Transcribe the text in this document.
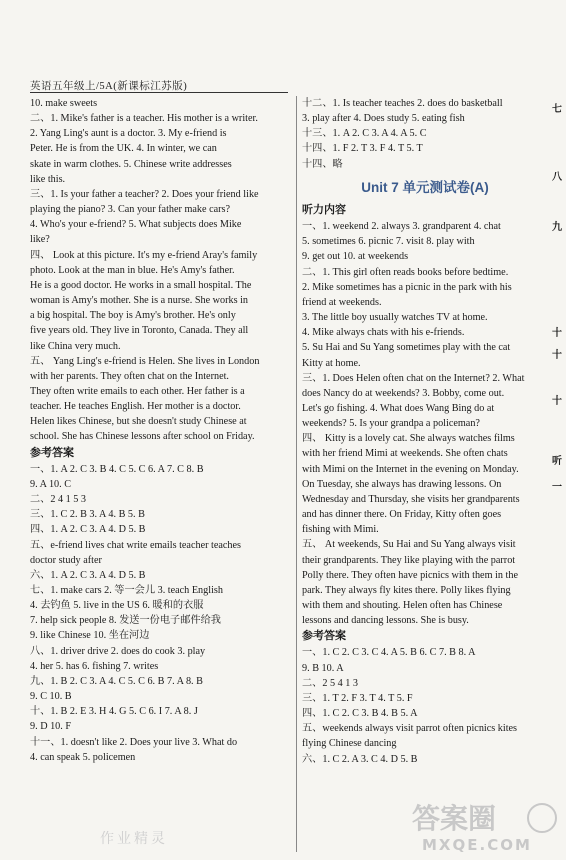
英语五年级上/5A(新课标江苏版)
10. make sweets
二、1. Mike's father is a teacher. His mother is a writer.
2. Yang Ling's aunt is a doctor. 3. My e-friend is
Peter. He is from the UK. 4. In winter, we can
skate in warm clothes. 5. Chinese write addresses
like this.
三、1. Is your father a teacher? 2. Does your friend like
playing the piano? 3. Can your father make cars?
4. Who's your e-friend? 5. What subjects does Mike
like?
四、 Look at this picture. It's my e-friend Aray's family
photo. Look at the man in blue. He's Amy's father.
He is a good doctor. He works in a small hospital. The
woman is Amy's mother. She is a nurse. She works in
a big hospital. The boy is Amy's brother. He's only
five years old. They live in Toronto, Canada. They all
like China very much.
五、 Yang Ling's e-friend is Helen. She lives in London
with her parents. They often chat on the Internet.
They often write emails to each other. Her father is a
teacher. He teaches English. Her mother is a doctor.
Helen likes Chinese, but she doesn't study Chinese at
school. She has Chinese lessons after school on Friday.
参考答案
一、1. A 2. C 3. B 4. C 5. C 6. A 7. C 8. B
9. A 10. C
二、2 4 1 5 3
三、1. C 2. B 3. A 4. B 5. B
四、1. A 2. C 3. A 4. D 5. B
五、e-friend lives chat write emails teacher teaches
doctor study after
六、1. A 2. C 3. A 4. D 5. B
七、1. make cars 2. 等一会儿 3. teach English
4. 去钓鱼 5. live in the US 6. 暖和的衣服
7. help sick people 8. 发送一份电子邮件给我
9. like Chinese 10. 坐在河边
八、1. driver drive 2. does do cook 3. play
4. her 5. has 6. fishing 7. writes
九、1. B 2. C 3. A 4. C 5. C 6. B 7. A 8. B
9. C 10. B
十、1. B 2. E 3. H 4. G 5. C 6. I 7. A 8. J
9. D 10. F
十一、1. doesn't like 2. Does your live 3. What do
4. can speak 5. policemen
十二、1. Is teacher teaches 2. does do basketball
3. play after 4. Does study 5. eating fish
十三、1. A 2. C 3. A 4. A 5. C
十四、1. F 2. T 3. F 4. T 5. T
十四、略
Unit 7 单元测试卷(A)
听力内容
一、1. weekend 2. always 3. grandparent 4. chat
5. sometimes 6. picnic 7. visit 8. play with
9. get out 10. at weekends
二、1. This girl often reads books before bedtime.
2. Mike sometimes has a picnic in the park with his
friend at weekends.
3. The little boy usually watches TV at home.
4. Mike always chats with his e-friends.
5. Su Hai and Su Yang sometimes play with the cat
Kitty at home.
三、1. Does Helen often chat on the Internet? 2. What
does Nancy do at weekends? 3. Bobby, come out.
Let's go fishing. 4. What does Wang Bing do at
weekends? 5. Is your grandpa a policeman?
四、 Kitty is a lovely cat. She always watches films
with her friend Mimi at weekends. She often chats
with Mimi on the Internet in the evening on Monday.
On Tuesday, she always has drawing lessons. On
Wednesday and Thursday, she visits her grandparents
and has dinner there. On Friday, Kitty often goes
fishing with Mimi.
五、 At weekends, Su Hai and Su Yang always visit
their grandparents. They like playing with the parrot
Polly there. They often have picnics with them in the
park. They always fly kites there. Polly likes flying
with them and shouting. Helen often has Chinese
lessons and dancing lessons. She is busy.
参考答案
一、1. C 2. C 3. C 4. A 5. B 6. C 7. B 8. A
9. B 10. A
二、2 5 4 1 3
三、1. T 2. F 3. T 4. T 5. F
四、1. C 2. C 3. B 4. B 5. A
五、weekends always visit parrot often picnics kites
flying Chinese dancing
六、1. C 2. A 3. C 4. D 5. B
七
八
九
十
十
十
听
一
作业精灵
答案圈
MXQE.COM
